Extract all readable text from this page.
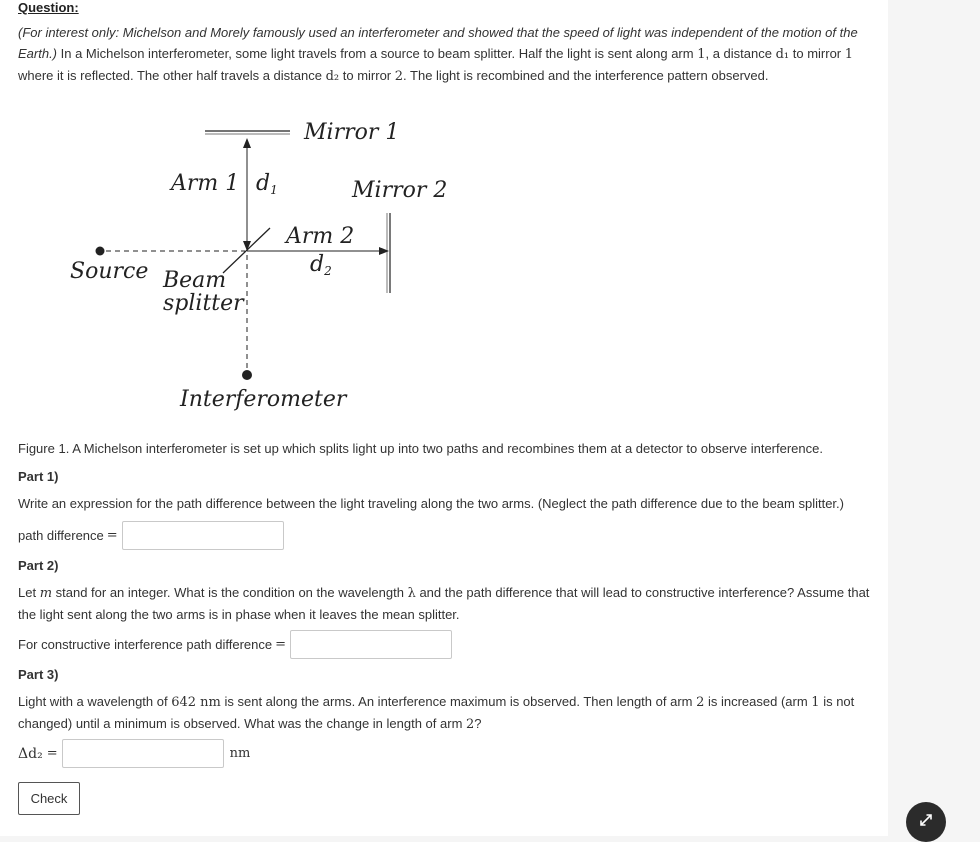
Question:
(For interest only: Michelson and Morely famously used an interferometer and showed that the speed of light was independent of the motion of the Earth.) In a Michelson interferometer, some light travels from a source to beam splitter. Half the light is sent along arm 1, a distance d₁ to mirror 1 where it is reflected. The other half travels a distance d₂ to mirror 2. The light is recombined and the interference pattern observed.
Mirror 1
Mirror 2
Arm 1 d1
Arm 2
d2
Source Beam
splitter
Interferometer
Figure 1. A Michelson interferometer is set up which splits light up into two paths and recombines them at a detector to observe interference.
Part 1)
Write an expression for the path difference between the light traveling along the two arms. (Neglect the path difference due to the beam splitter.)
path difference =
Part 2)
Let m stand for an integer. What is the condition on the wavelength λ and the path difference that will lead to constructive interference? Assume that the light sent along the two arms is in phase when it leaves the mean splitter.
For constructive interference path difference =
Part 3)
Light with a wavelength of 642 nm is sent along the arms. An interference maximum is observed. Then length of arm 2 is increased (arm 1 is not changed) until a minimum is observed. What was the change in length of arm 2?
Δd₂ =	nm
Check
